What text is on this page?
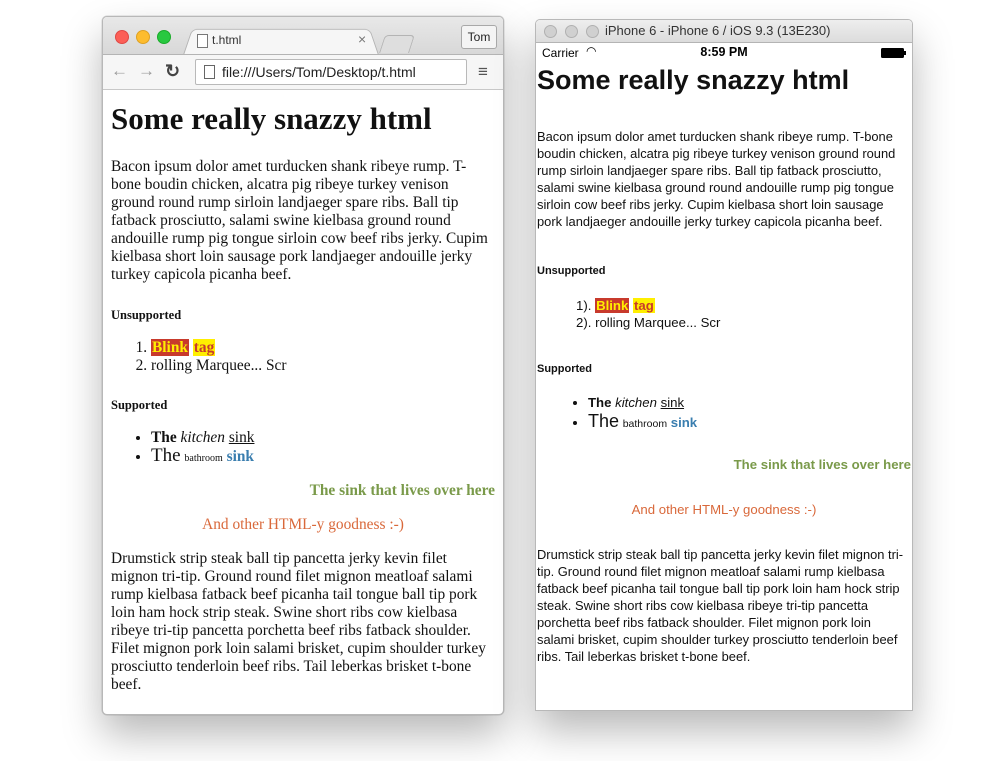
t.html	×	Tom
← → ↻	file:///Users/Tom/Desktop/t.html	≡
Some really snazzy html

Bacon ipsum dolor amet turducken shank ribeye rump. T-bone boudin chicken, alcatra pig ribeye turkey venison ground round rump sirloin landjaeger spare ribs. Ball tip fatback prosciutto, salami swine kielbasa ground round andouille rump pig tongue sirloin cow beef ribs jerky. Cupim kielbasa short loin sausage pork landjaeger andouille jerky turkey capicola picanha beef.

Unsupported
1. Blink tag
2. rolling Marquee... Scr
Supported
• The kitchen sink
• The bathroom sink
The sink that lives over here
And other HTML-y goodness :-)

Drumstick strip steak ball tip pancetta jerky kevin filet mignon tri-tip. Ground round filet mignon meatloaf salami rump kielbasa fatback beef picanha tail tongue ball tip pork loin ham hock strip steak. Swine short ribs cow kielbasa ribeye tri-tip pancetta porchetta beef ribs fatback shoulder. Filet mignon pork loin salami brisket, cupim shoulder turkey prosciutto tenderloin beef ribs. Tail leberkas brisket t-bone beef.

iPhone 6 - iPhone 6 / iOS 9.3 (13E230)
Carrier ◠	8:59 PM
Some really snazzy html

Bacon ipsum dolor amet turducken shank ribeye rump. T-bone boudin chicken, alcatra pig ribeye turkey venison ground round rump sirloin landjaeger spare ribs. Ball tip fatback prosciutto, salami swine kielbasa ground round andouille rump pig tongue sirloin cow beef ribs jerky. Cupim kielbasa short loin sausage pork landjaeger andouille jerky turkey capicola picanha beef.

Unsupported
1). Blink tag
2). rolling Marquee... Scr
Supported
• The kitchen sink
• The bathroom sink
The sink that lives over here
And other HTML-y goodness :-)

Drumstick strip steak ball tip pancetta jerky kevin filet mignon tri-tip. Ground round filet mignon meatloaf salami rump kielbasa fatback beef picanha tail tongue ball tip pork loin ham hock strip steak. Swine short ribs cow kielbasa ribeye tri-tip pancetta porchetta beef ribs fatback shoulder. Filet mignon pork loin salami brisket, cupim shoulder turkey prosciutto tenderloin beef ribs. Tail leberkas brisket t-bone beef.
